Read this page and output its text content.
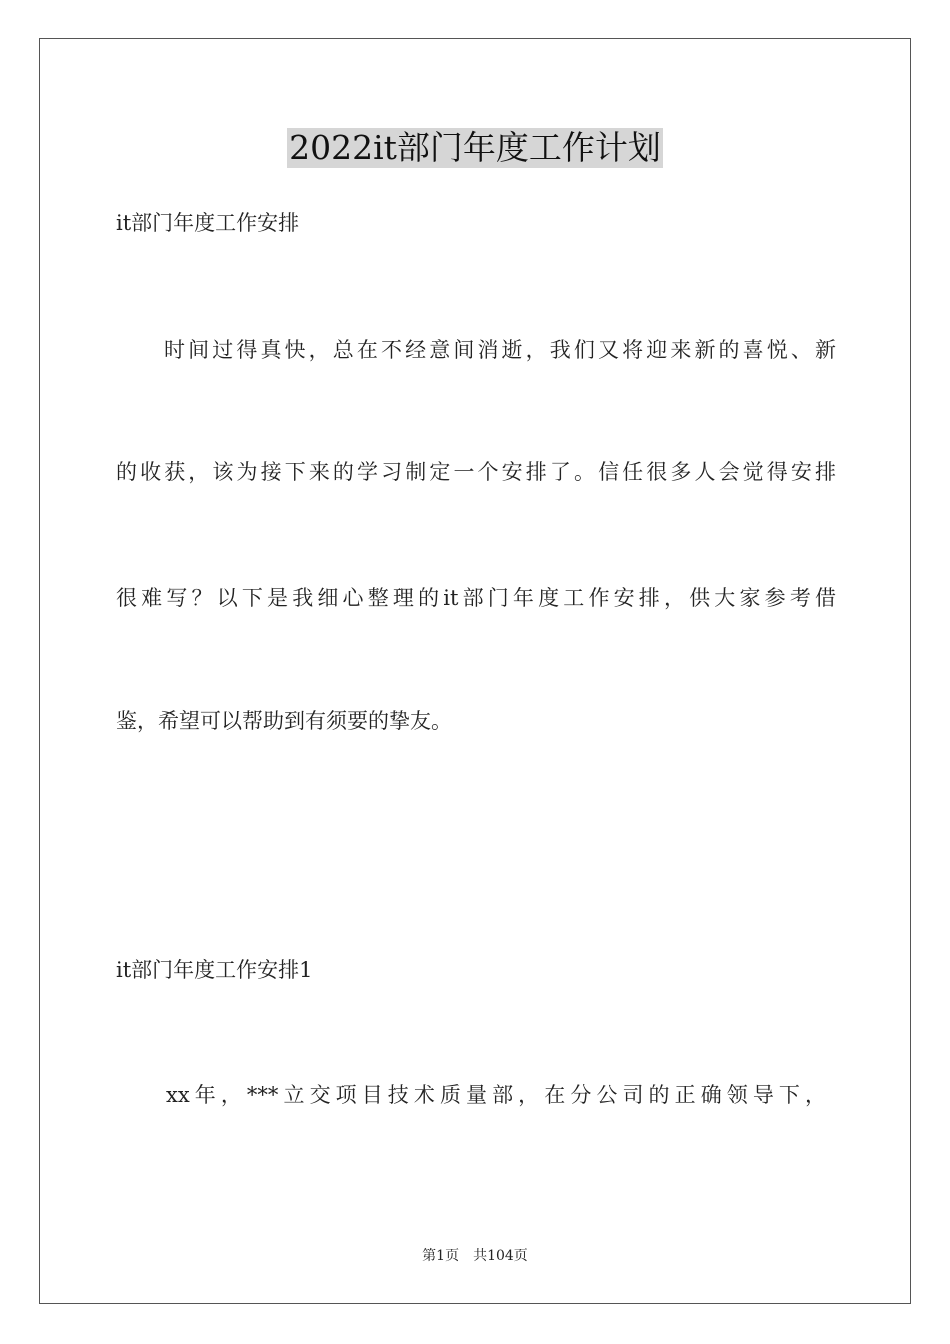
2022it部门年度工作计划
it部门年度工作安排
时间过得真快，总在不经意间消逝，我们又将迎来新的喜悦、新
的收获，该为接下来的学习制定一个安排了。信任很多人会觉得安排
很难写？以下是我细心整理的it部门年度工作安排，供大家参考借
鉴，希望可以帮助到有须要的挚友。
it部门年度工作安排1
xx年，***立交项目技术质量部，在分公司的正确领导下，
第1页　共104页
